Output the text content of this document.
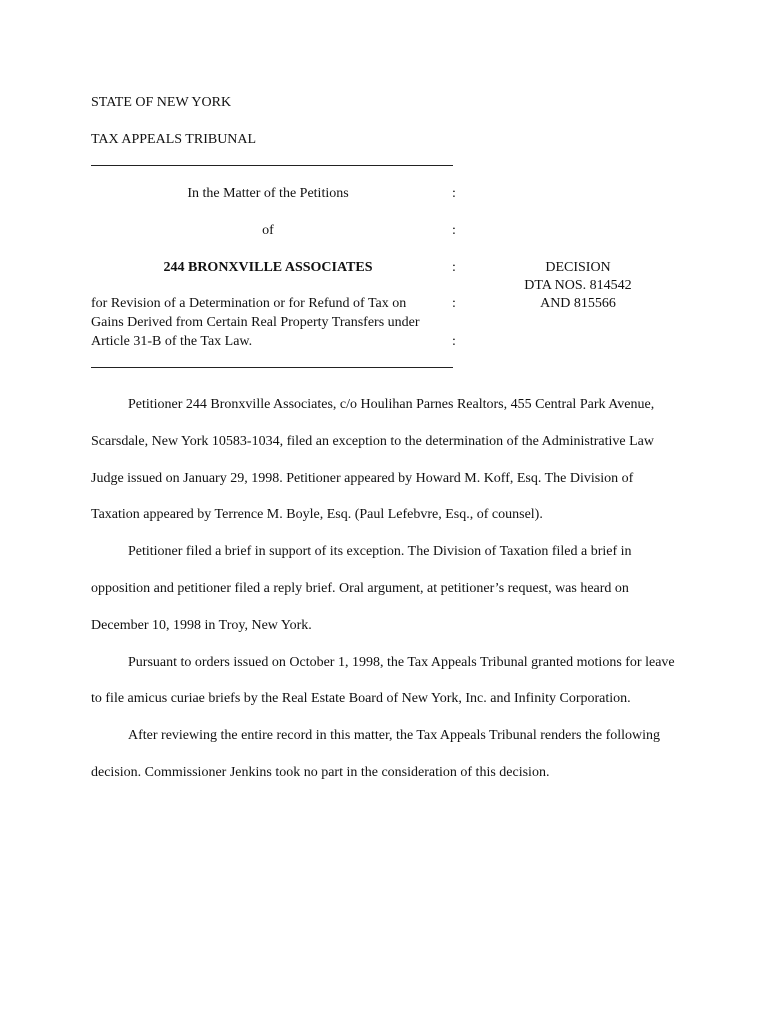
STATE OF NEW YORK
TAX APPEALS TRIBUNAL
In the Matter of the Petitions	:
of	:
244 BRONXVILLE ASSOCIATES	:
for Revision of a Determination or for Refund of Tax on	:
Gains Derived from Certain Real Property Transfers under
Article 31-B of the Tax Law.	:
DECISION
DTA NOS. 814542
AND 815566

Petitioner 244 Bronxville Associates, c/o Houlihan Parnes Realtors, 455 Central Park Avenue, Scarsdale, New York 10583-1034, filed an exception to the determination of the Administrative Law Judge issued on January 29, 1998. Petitioner appeared by Howard M. Koff, Esq. The Division of Taxation appeared by Terrence M. Boyle, Esq. (Paul Lefebvre, Esq., of counsel).

Petitioner filed a brief in support of its exception. The Division of Taxation filed a brief in opposition and petitioner filed a reply brief. Oral argument, at petitioner’s request, was heard on December 10, 1998 in Troy, New York.

Pursuant to orders issued on October 1, 1998, the Tax Appeals Tribunal granted motions for leave to file amicus curiae briefs by the Real Estate Board of New York, Inc. and Infinity Corporation.

After reviewing the entire record in this matter, the Tax Appeals Tribunal renders the following decision. Commissioner Jenkins took no part in the consideration of this decision.
